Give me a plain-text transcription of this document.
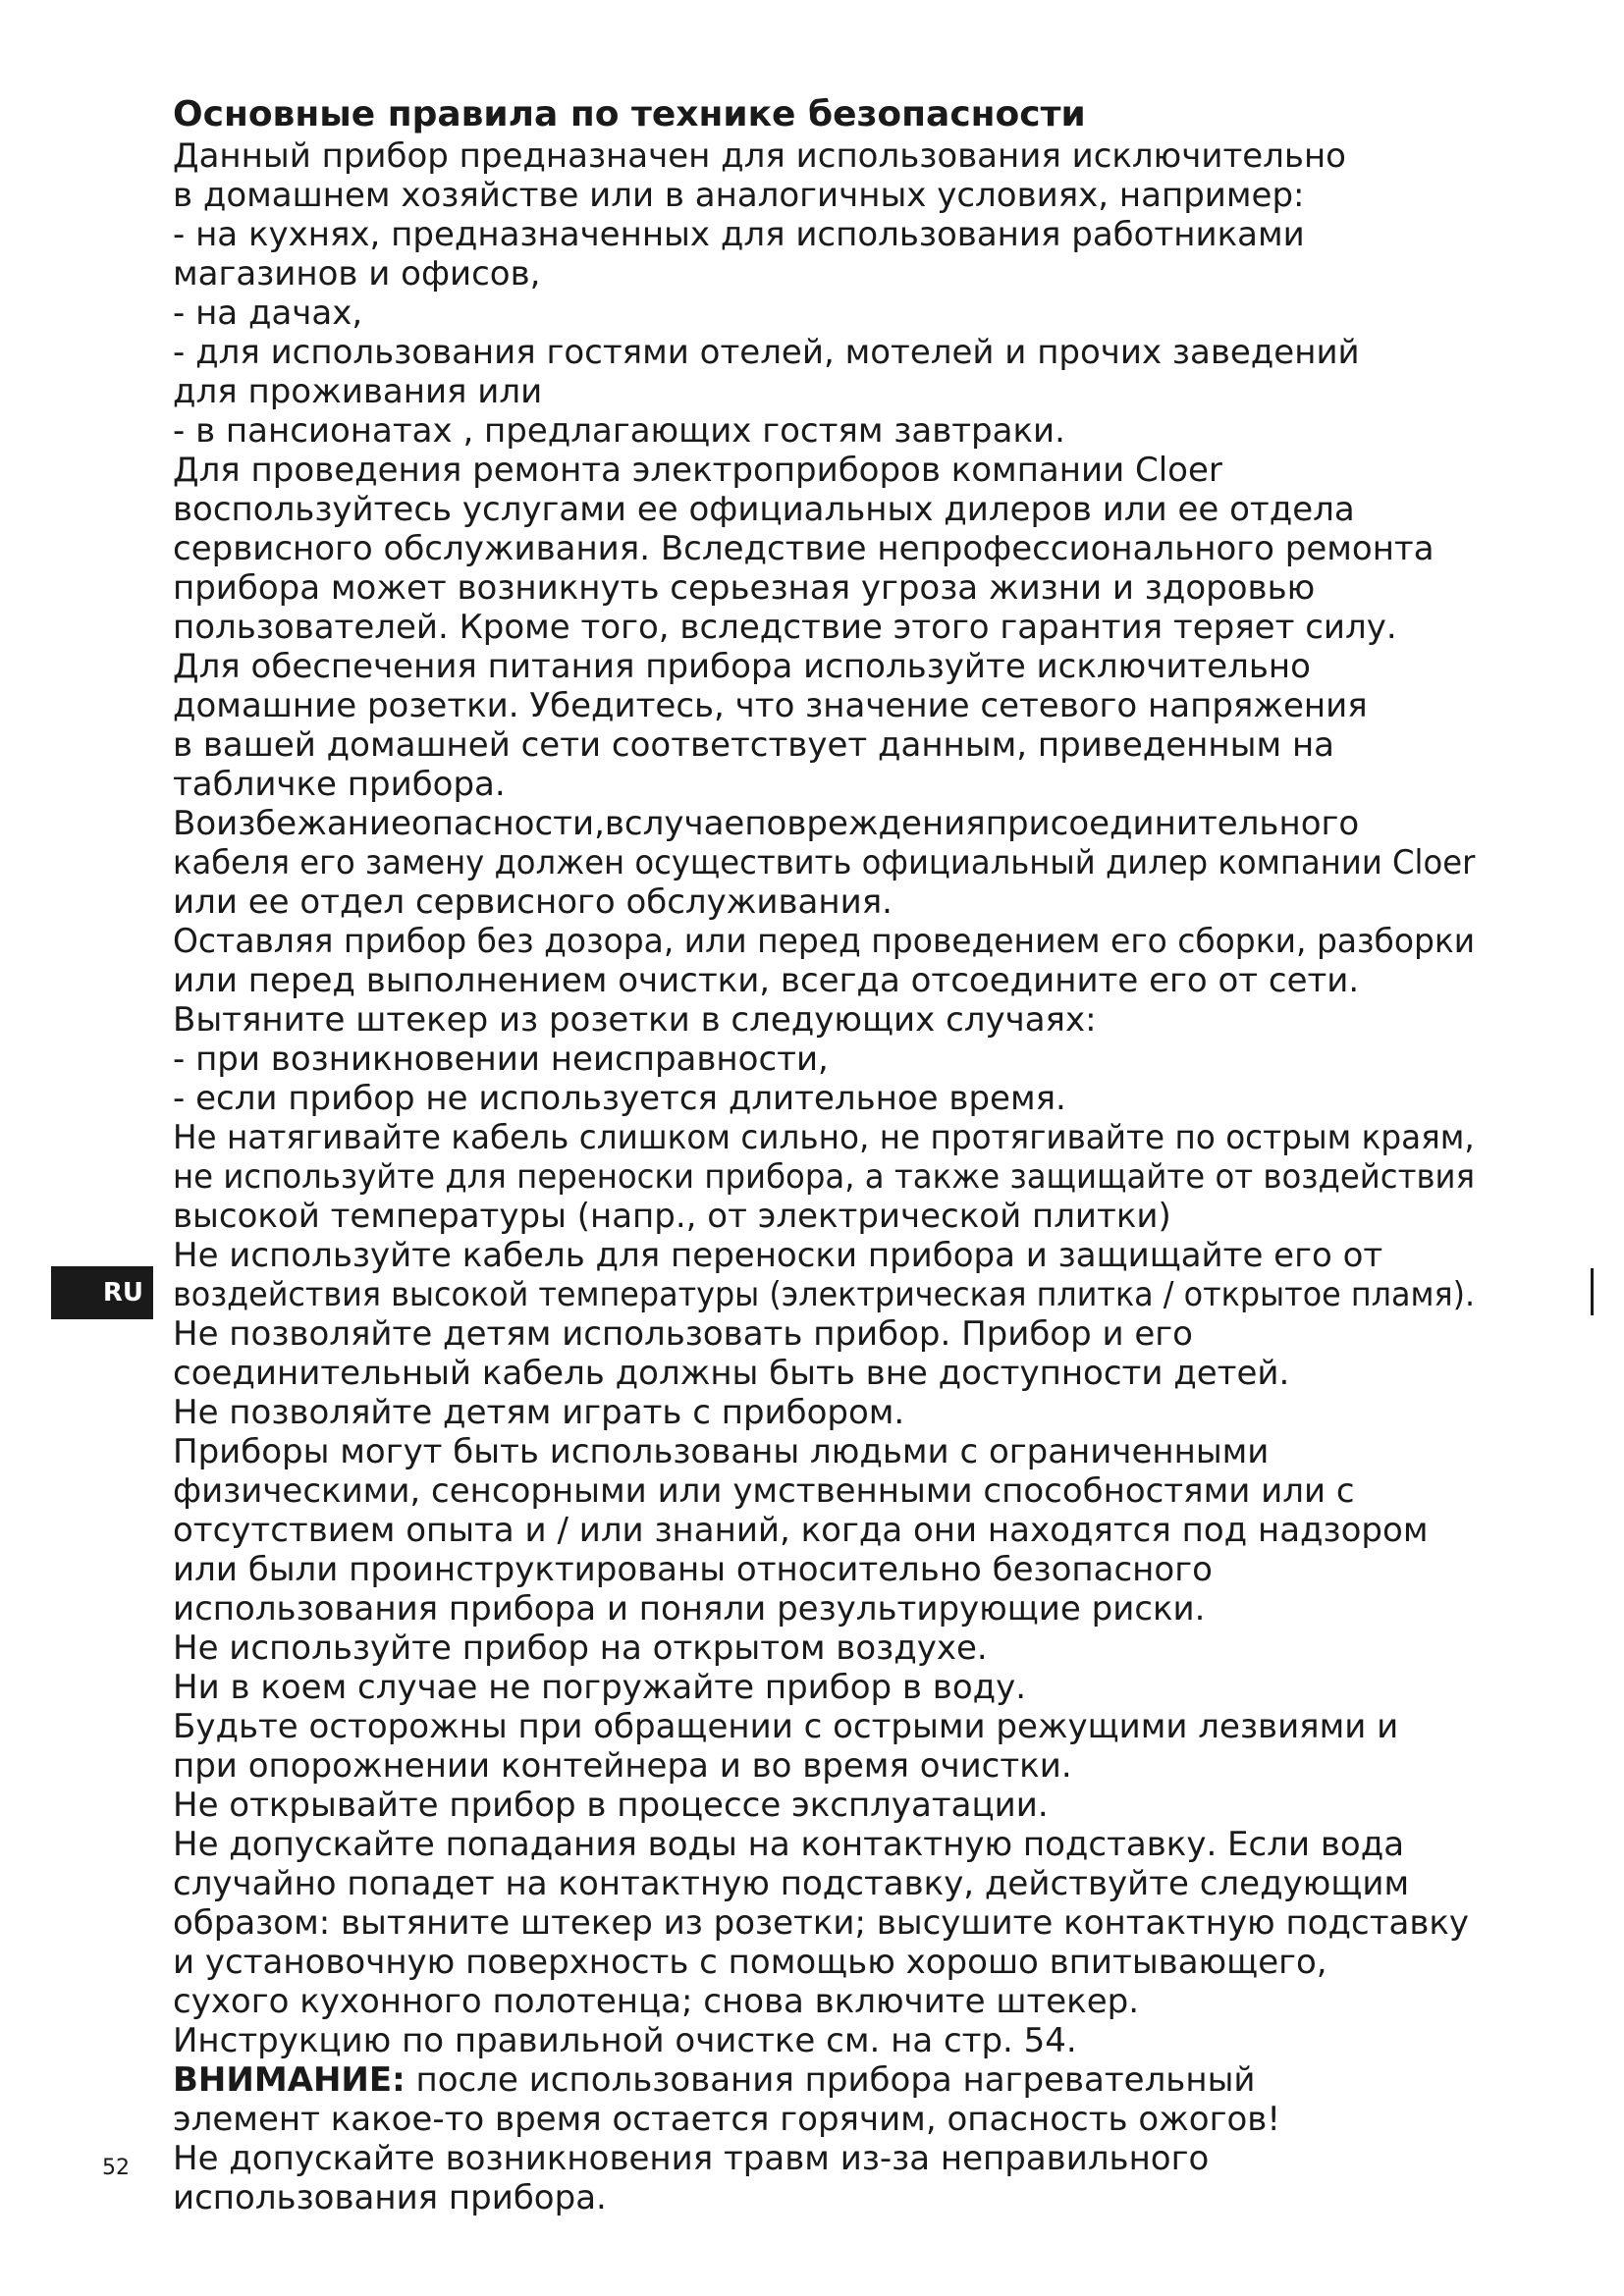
RU
52
Основные правила по технике безопасности

Данный прибор предназначен для использования исключительно
в домашнем хозяйстве или в аналогичных условиях, например:
- на кухнях, предназначенных для использования работниками
магазинов и офисов,
- на дачах,
- для использования гостями отелей, мотелей и прочих заведений
для проживания или
- в пансионатах , предлагающих гостям завтраки.

Для проведения ремонта электроприборов компании Cloer
воспользуйтесь услугами ее официальных дилеров или ее отдела
сервисного обслуживания. Вследствие непрофессионального ремонта
прибора может возникнуть серьезная угроза жизни и здоровью
пользователей. Кроме того, вследствие этого гарантия теряет силу.

Для обеспечения питания прибора используйте исключительно
домашние розетки. Убедитесь, что значение сетевого напряжения
в вашей домашней сети соответствует данным, приведенным на
табличке прибора.

Воизбежаниеопасности,вслучаеповрежденияприсоединительного
кабеля его замену должен осуществить официальный дилер компании Cloer
или ее отдел сервисного обслуживания.

Оставляя прибор без дозора, или перед проведением его сборки, разборки
или перед выполнением очистки, всегда отсоедините его от сети.

Вытяните штекер из розетки в следующих случаях:
- при возникновении неисправности,
- если прибор не используется длительное время.

Не натягивайте кабель слишком сильно, не протягивайте по острым краям,
не используйте для переноски прибора, а также защищайте от воздействия
высокой температуры (напр., от электрической плитки)

Не используйте кабель для переноски прибора и защищайте его от
воздействия высокой температуры (электрическая плитка / открытое пламя).

Не позволяйте детям использовать прибор. Прибор и его
соединительный кабель должны быть вне доступности детей.
Не позволяйте детям играть с прибором.

Приборы могут быть использованы людьми с ограниченными
физическими, сенсорными или умственными способностями или с
отсутствием опыта и / или знаний, когда они находятся под надзором
или были проинструктированы относительно безопасного
использования прибора и поняли результирующие риски.

Не используйте прибор на открытом воздухе.

Ни в коем случае не погружайте прибор в воду.

Будьте осторожны при обращении с острыми режущими лезвиями и
при опорожнении контейнера и во время очистки.

Не открывайте прибор в процессе эксплуатации.

Не допускайте попадания воды на контактную подставку. Если вода
случайно попадет на контактную подставку, действуйте следующим
образом: вытяните штекер из розетки; высушите контактную подставку
и установочную поверхность с помощью хорошо впитывающего,
сухого кухонного полотенца; снова включите штекер.

Инструкцию по правильной очистке см. на стр. 54.

ВНИМАНИЕ: после использования прибора нагревательный
элемент какое-то время остается горячим, опасность ожогов!

Не допускайте возникновения травм из-за неправильного
использования прибора.
